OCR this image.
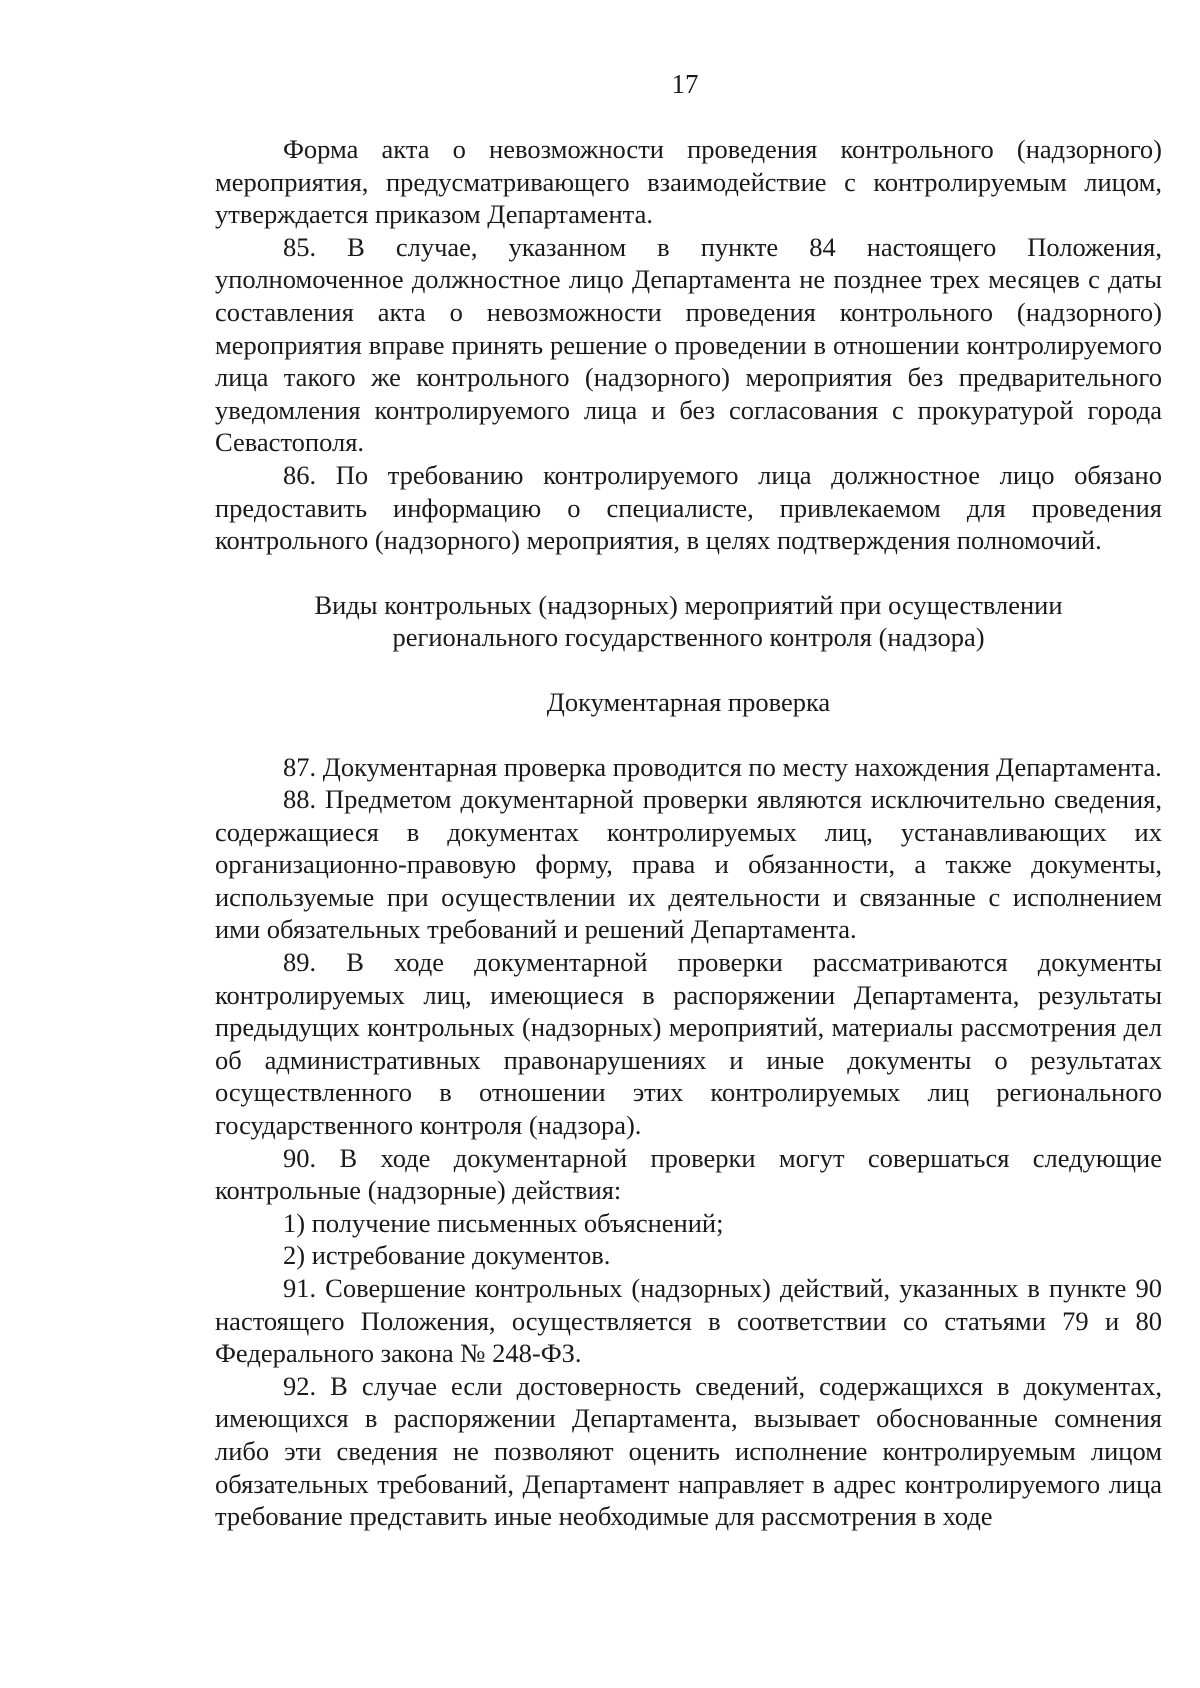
17

Форма акта о невозможности проведения контрольного (надзорного) мероприятия, предусматривающего взаимодействие с контролируемым лицом, утверждается приказом Департамента.

85. В случае, указанном в пункте 84 настоящего Положения, уполномоченное должностное лицо Департамента не позднее трех месяцев с даты составления акта о невозможности проведения контрольного (надзорного) мероприятия вправе принять решение о проведении в отношении контролируемого лица такого же контрольного (надзорного) мероприятия без предварительного уведомления контролируемого лица и без согласования с прокуратурой города Севастополя.

86. По требованию контролируемого лица должностное лицо обязано предоставить информацию о специалисте, привлекаемом для проведения контрольного (надзорного) мероприятия, в целях подтверждения полномочий.

Виды контрольных (надзорных) мероприятий при осуществлении

регионального государственного контроля (надзора)

Документарная проверка

87. Документарная проверка проводится по месту нахождения Департамента.

88. Предметом документарной проверки являются исключительно сведения, содержащиеся в документах контролируемых лиц, устанавливающих их организационно-правовую форму, права и обязанности, а также документы, используемые при осуществлении их деятельности и связанные с исполнением ими обязательных требований и решений Департамента.

89. В ходе документарной проверки рассматриваются документы контролируемых лиц, имеющиеся в распоряжении Департамента, результаты предыдущих контрольных (надзорных) мероприятий, материалы рассмотрения дел об административных правонарушениях и иные документы о результатах осуществленного в отношении этих контролируемых лиц регионального государственного контроля (надзора).

90. В ходе документарной проверки могут совершаться следующие контрольные (надзорные) действия:

1) получение письменных объяснений;

2) истребование документов.

91. Совершение контрольных (надзорных) действий, указанных в пункте 90 настоящего Положения, осуществляется в соответствии со статьями 79 и 80 Федерального закона № 248-ФЗ.

92. В случае если достоверность сведений, содержащихся в документах, имеющихся в распоряжении Департамента, вызывает обоснованные сомнения либо эти сведения не позволяют оценить исполнение контролируемым лицом обязательных требований, Департамент направляет в адрес контролируемого лица требование представить иные необходимые для рассмотрения в ходе
